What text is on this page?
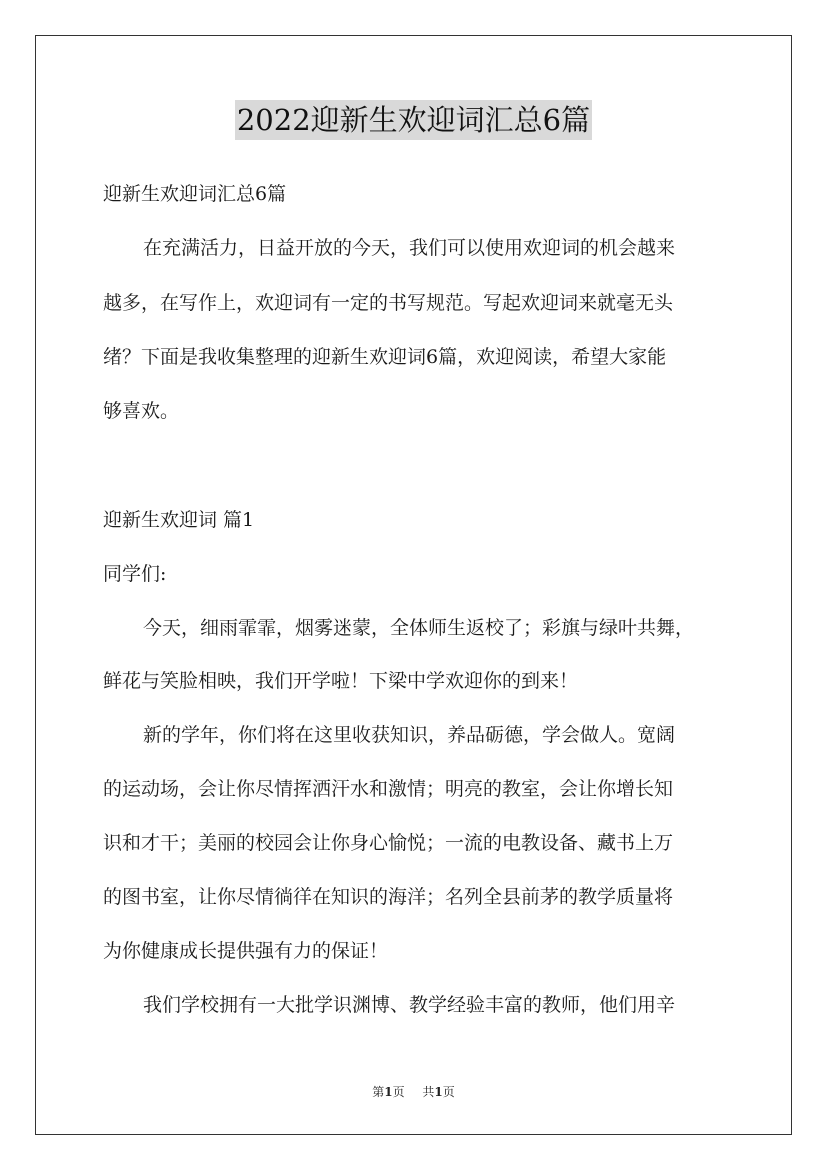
2022迎新生欢迎词汇总6篇

迎新生欢迎词汇总6篇

在充满活力，日益开放的今天，我们可以使用欢迎词的机会越来

越多，在写作上，欢迎词有一定的书写规范。写起欢迎词来就毫无头

绪？下面是我收集整理的迎新生欢迎词6篇，欢迎阅读，希望大家能

够喜欢。

迎新生欢迎词 篇1

同学们:

今天，细雨霏霏，烟雾迷蒙，全体师生返校了；彩旗与绿叶共舞，

鲜花与笑脸相映，我们开学啦！下梁中学欢迎你的到来！

新的学年，你们将在这里收获知识，养品砺德，学会做人。宽阔

的运动场，会让你尽情挥洒汗水和激情；明亮的教室，会让你增长知

识和才干；美丽的校园会让你身心愉悦；一流的电教设备、藏书上万

的图书室，让你尽情徜徉在知识的海洋；名列全县前茅的教学质量将

为你健康成长提供强有力的保证！

我们学校拥有一大批学识渊博、教学经验丰富的教师，他们用辛

第1页 共1页
